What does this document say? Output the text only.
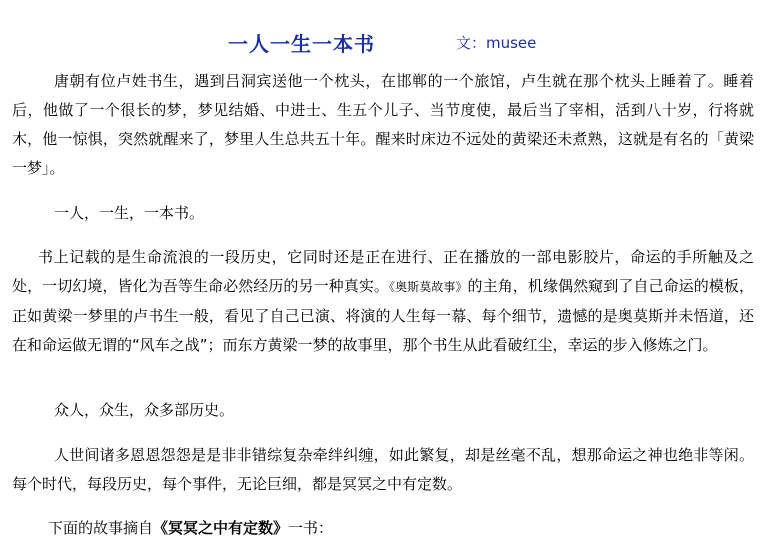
一人一生一本书	文：musee

唐朝有位卢姓书生，遇到吕洞宾送他一个枕头，在邯郸的一个旅馆，卢生就在那个枕头上睡着了。睡着后，他做了一个很长的梦，梦见结婚、中进士、生五个儿子、当节度使，最后当了宰相，活到八十岁，行将就木，他一惊惧，突然就醒来了，梦里人生总共五十年。醒来时床边不远处的黄梁还未煮熟，这就是有名的「黄梁一梦」。

一人，一生，一本书。

书上记载的是生命流浪的一段历史，它同时还是正在进行、正在播放的一部电影胶片，命运的手所触及之处，一切幻境，皆化为吾等生命必然经历的另一种真实。《奥斯莫故事》的主角，机缘偶然窥到了自己命运的模板，正如黄梁一梦里的卢书生一般，看见了自己已演、将演的人生每一幕、每个细节，遗憾的是奥莫斯并未悟道，还在和命运做无谓的“风车之战”；而东方黄梁一梦的故事里，那个书生从此看破红尘，幸运的步入修炼之门。

众人，众生，众多部历史。

人世间诸多恩恩怨怨是是非非错综复杂牵绊纠缠，如此繁复，却是丝毫不乱，想那命运之神也绝非等闲。每个时代，每段历史，每个事件，无论巨细，都是冥冥之中有定数。

下面的故事摘自《冥冥之中有定数》一书：
